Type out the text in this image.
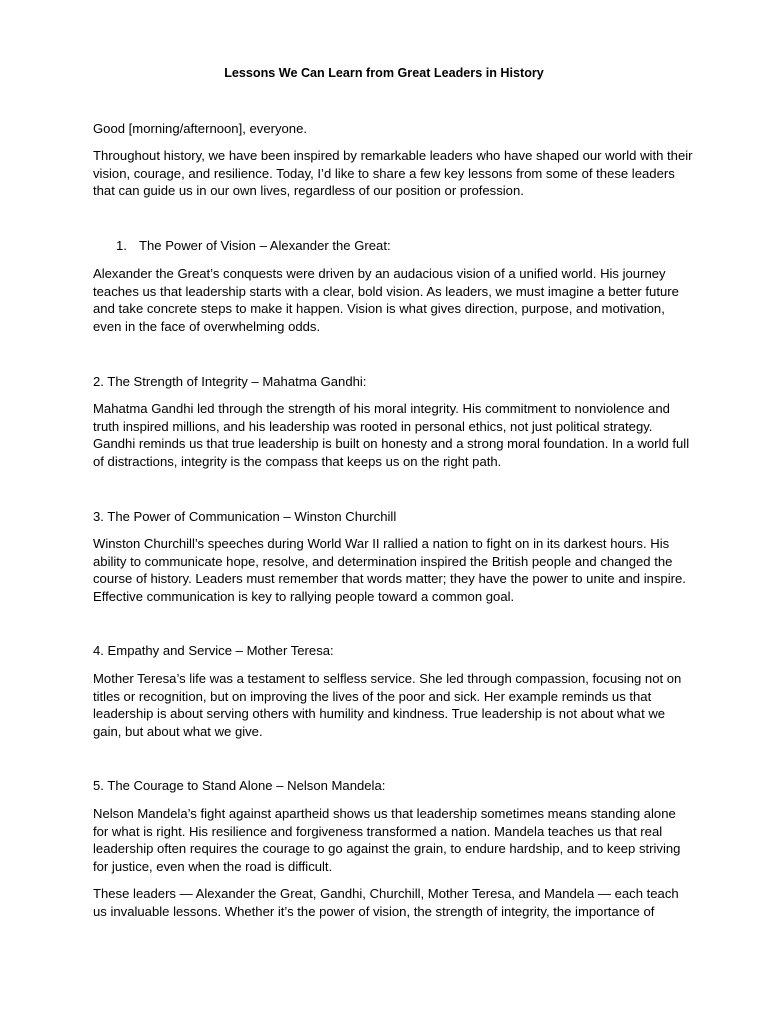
Lessons We Can Learn from Great Leaders in History

Good [morning/afternoon], everyone.

Throughout history, we have been inspired by remarkable leaders who have shaped our world with their vision, courage, and resilience. Today, I’d like to share a few key lessons from some of these leaders that can guide us in our own lives, regardless of our position or profession.

1. The Power of Vision – Alexander the Great:

Alexander the Great’s conquests were driven by an audacious vision of a unified world. His journey teaches us that leadership starts with a clear, bold vision. As leaders, we must imagine a better future and take concrete steps to make it happen. Vision is what gives direction, purpose, and motivation, even in the face of overwhelming odds.

2. The Strength of Integrity – Mahatma Gandhi:

Mahatma Gandhi led through the strength of his moral integrity. His commitment to nonviolence and truth inspired millions, and his leadership was rooted in personal ethics, not just political strategy. Gandhi reminds us that true leadership is built on honesty and a strong moral foundation. In a world full of distractions, integrity is the compass that keeps us on the right path.

3. The Power of Communication – Winston Churchill

Winston Churchill’s speeches during World War II rallied a nation to fight on in its darkest hours. His ability to communicate hope, resolve, and determination inspired the British people and changed the course of history. Leaders must remember that words matter; they have the power to unite and inspire. Effective communication is key to rallying people toward a common goal.

4. Empathy and Service – Mother Teresa:

Mother Teresa’s life was a testament to selfless service. She led through compassion, focusing not on titles or recognition, but on improving the lives of the poor and sick. Her example reminds us that leadership is about serving others with humility and kindness. True leadership is not about what we gain, but about what we give.

5. The Courage to Stand Alone – Nelson Mandela:

Nelson Mandela’s fight against apartheid shows us that leadership sometimes means standing alone for what is right. His resilience and forgiveness transformed a nation. Mandela teaches us that real leadership often requires the courage to go against the grain, to endure hardship, and to keep striving for justice, even when the road is difficult.

These leaders — Alexander the Great, Gandhi, Churchill, Mother Teresa, and Mandela — each teach us invaluable lessons. Whether it’s the power of vision, the strength of integrity, the importance of
